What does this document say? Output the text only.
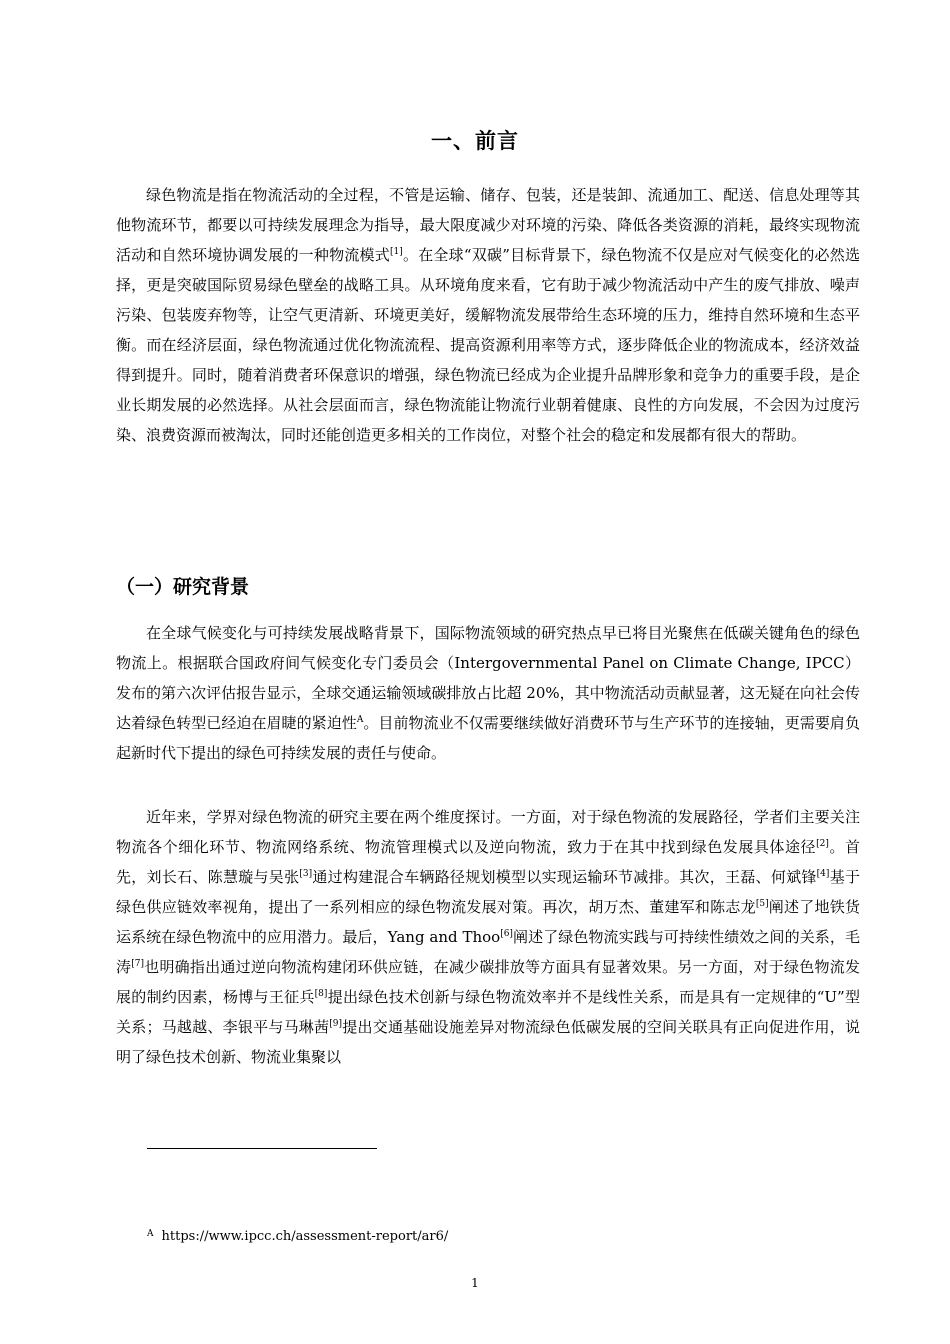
一、前言

绿色物流是指在物流活动的全过程，不管是运输、储存、包装，还是装卸、流通加工、配送、信息处理等其他物流环节，都要以可持续发展理念为指导，最大限度减少对环境的污染、降低各类资源的消耗，最终实现物流活动和自然环境协调发展的一种物流模式[1]。在全球“双碳”目标背景下，绿色物流不仅是应对气候变化的必然选择，更是突破国际贸易绿色壁垒的战略工具。从环境角度来看，它有助于减少物流活动中产生的废气排放、噪声污染、包装废弃物等，让空气更清新、环境更美好，缓解物流发展带给生态环境的压力，维持自然环境和生态平衡。而在经济层面，绿色物流通过优化物流流程、提高资源利用率等方式，逐步降低企业的物流成本，经济效益得到提升。同时，随着消费者环保意识的增强，绿色物流已经成为企业提升品牌形象和竞争力的重要手段，是企业长期发展的必然选择。从社会层面而言，绿色物流能让物流行业朝着健康、良性的方向发展，不会因为过度污染、浪费资源而被淘汰，同时还能创造更多相关的工作岗位，对整个社会的稳定和发展都有很大的帮助。

（一）研究背景

在全球气候变化与可持续发展战略背景下，国际物流领域的研究热点早已将目光聚焦在低碳关键角色的绿色物流上。根据联合国政府间气候变化专门委员会（Intergovernmental Panel on Climate Change, IPCC）发布的第六次评估报告显示，全球交通运输领域碳排放占比超 20%，其中物流活动贡献显著，这无疑在向社会传达着绿色转型已经迫在眉睫的紧迫性$^A$。目前物流业不仅需要继续做好消费环节与生产环节的连接轴，更需要肩负起新时代下提出的绿色可持续发展的责任与使命。

近年来，学界对绿色物流的研究主要在两个维度探讨。一方面，对于绿色物流的发展路径，学者们主要关注物流各个细化环节、物流网络系统、物流管理模式以及逆向物流，致力于在其中找到绿色发展具体途径[2]。首先，刘长石、陈慧璇与吴张[3]通过构建混合车辆路径规划模型以实现运输环节减排。其次，王磊、何斌锋[4]基于绿色供应链效率视角，提出了一系列相应的绿色物流发展对策。再次，胡万杰、董建军和陈志龙[5]阐述了地铁货运系统在绿色物流中的应用潜力。最后，Yang and Thoo[6]阐述了绿色物流实践与可持续性绩效之间的关系，毛涛[7]也明确指出通过逆向物流构建闭环供应链，在减少碳排放等方面具有显著效果。另一方面，对于绿色物流发展的制约因素，杨博与王征兵[8]提出绿色技术创新与绿色物流效率并不是线性关系，而是具有一定规律的“U”型关系；马越越、李银平与马琳茜[9]提出交通基础设施差异对物流绿色低碳发展的空间关联具有正向促进作用，说明了绿色技术创新、物流业集聚以

$^A$ https://www.ipcc.ch/assessment-report/ar6/
1
